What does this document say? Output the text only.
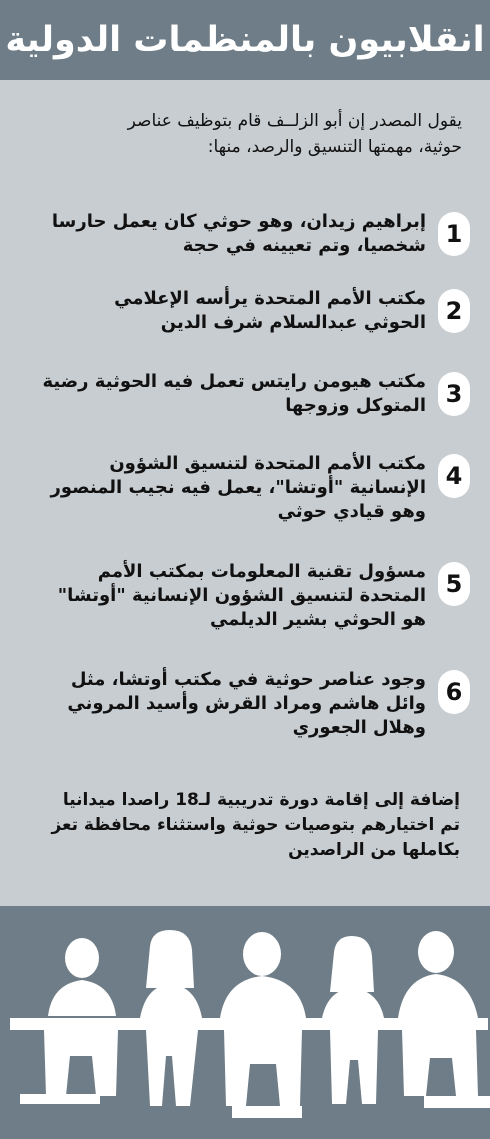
انقلابيون بالمنظمات الدولية
يقول المصدر إن أبو الزلــف قام بتوظيف عناصر
حوثية، مهمتها التنسيق والرصد، منها:
1
إبراهيم زيدان، وهو حوثي كان يعمل حارسا
شخصيا، وتم تعيينه في حجة
2
مكتب الأمم المتحدة يرأسه الإعلامي
الحوثي عبدالسلام شرف الدين
3
مكتب هيومن رايتس تعمل فيه الحوثية رضية
المتوكل وزوجها
4
مكتب الأمم المتحدة لتنسيق الشؤون
الإنسانية "أوتشا"، يعمل فيه نجيب المنصور
وهو قيادي حوثي
5
مسؤول تقنية المعلومات بمكتب الأمم
المتحدة لتنسيق الشؤون الإنسانية "أوتشا"
هو الحوثي بشير الديلمي
6
وجود عناصر حوثية في مكتب أوتشا، مثل
وائل هاشم ومراد القرش وأسيد المروني
وهلال الجعوري
إضافة إلى إقامة دورة تدريبية لـ18 راصدا ميدانيا
تم اختيارهم بتوصيات حوثية واستثناء محافظة تعز
بكاملها من الراصدين
